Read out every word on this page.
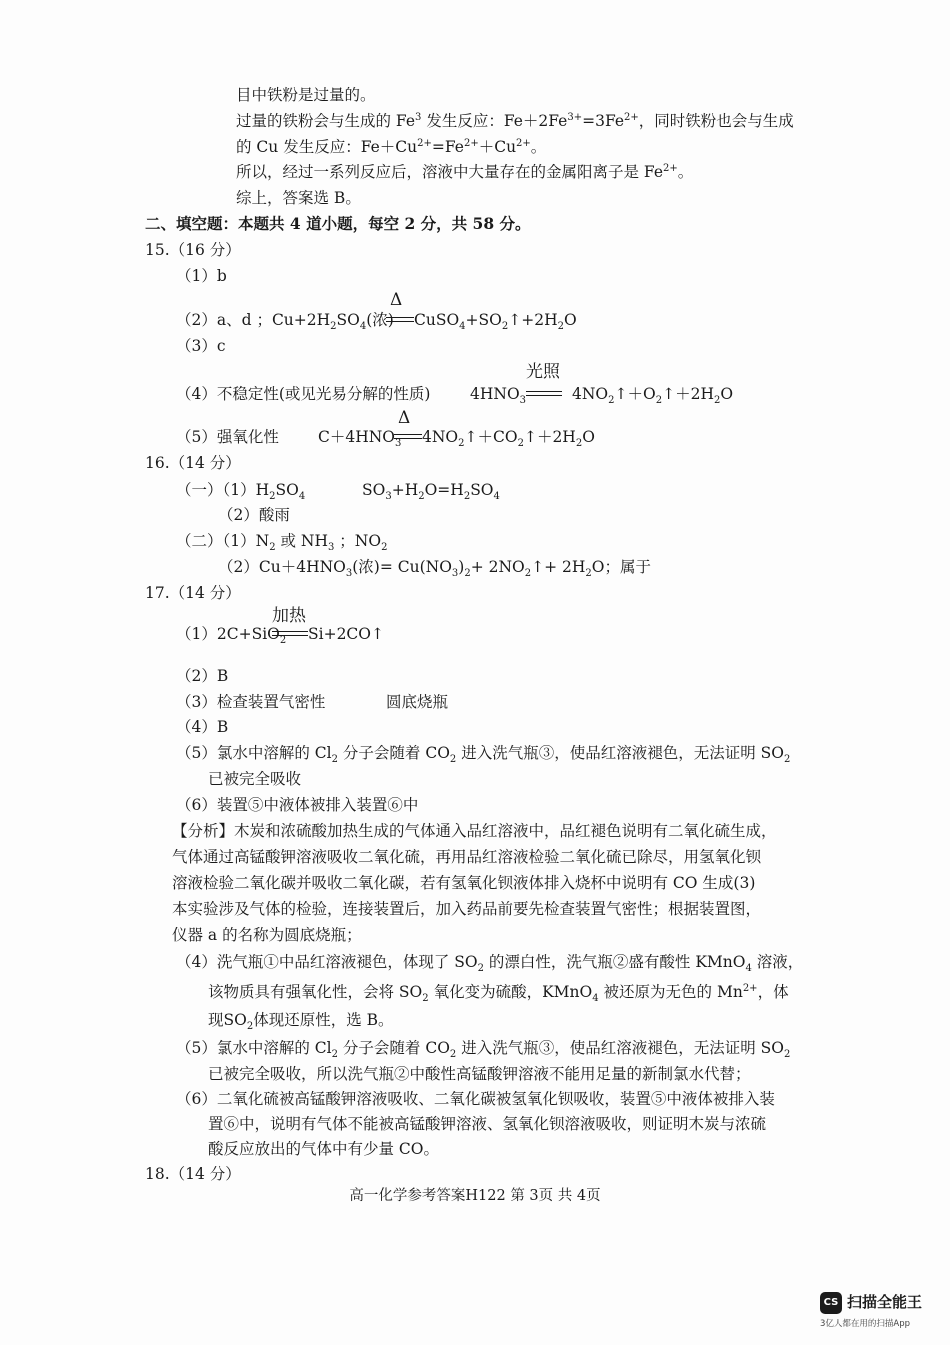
目中铁粉是过量的。
过量的铁粉会与生成的 Fe$^3$ 发生反应：$Fe+2Fe^{3+}=3Fe^{2+}$，同时铁粉也会与生成
的 Cu 发生反应：$Fe+Cu^{2+}=Fe^{2+}+Cu^{2+}$。
所以，经过一系列反应后，溶液中大量存在的金属阳离子是 $Fe^{2+}$。
综上，答案选 B。
二、填空题：本题共 4 道小题，每空 2 分，共 58 分。
15.（16 分）
（1）b
（2）a、d ；$Cu+2H_2SO_4$(浓)
Δ
$CuSO_4+SO_2↑+2H_2O$
（3）c
（4）不稳定性(或见光易分解的性质)	$4HNO_3$
光照
$4NO_2↑+O_2↑+2H_2O$
（5）强氧化性	$C+4HNO_3$
Δ
$4NO_2↑+CO_2↑+2H_2O$
16.（14 分）
（一）$(1)H_2SO_4$	$SO_3+H_2O=H_2SO_4$
（2）酸雨
（二）$(1)N_2$ 或 $NH_3$ ；$NO_2$
$(2)Cu+4HNO_3$(浓)= $Cu(NO_3)_2+$ $2NO_2↑+ 2H_2O$；属于
17.（14 分）
（1）2C+SiO$_2$
加热
Si+2CO↑
（2）B
（3）检查装置气密性	圆底烧瓶
（4）B
（5）氯水中溶解的 $Cl_2$ 分子会随着 $CO_2$ 进入洗气瓶③，使品红溶液褪色，无法证明 $SO_2$
已被完全吸收
（6）装置⑤中液体被排入装置⑥中
【分析】木炭和浓硫酸加热生成的气体通入品红溶液中，品红褪色说明有二氧化硫生成，
气体通过高锰酸钾溶液吸收二氧化硫，再用品红溶液检验二氧化硫已除尽，用氢氧化钡
溶液检验二氧化碳并吸收二氧化碳，若有氢氧化钡液体排入烧杯中说明有 CO 生成(3)
本实验涉及气体的检验，连接装置后，加入药品前要先检查装置气密性；根据装置图，
仪器 a 的名称为圆底烧瓶；
（4）洗气瓶①中品红溶液褪色，体现了 $SO_2$ 的漂白性，洗气瓶②盛有酸性 KMnO$_4$ 溶液，
该物质具有强氧化性，会将 $SO_2$ 氧化变为硫酸，KMnO$_4$ 被还原为无色的 $Mn^{2+}$，体
现$SO_2$体现还原性，选 B。
（5）氯水中溶解的 $Cl_2$ 分子会随着 $CO_2$ 进入洗气瓶③，使品红溶液褪色，无法证明 $SO_2$
已被完全吸收，所以洗气瓶②中酸性高锰酸钾溶液不能用足量的新制氯水代替；
（6）二氧化硫被高锰酸钾溶液吸收、二氧化碳被氢氧化钡吸收，装置⑤中液体被排入装
置⑥中，说明有气体不能被高锰酸钾溶液、氢氧化钡溶液吸收，则证明木炭与浓硫
酸反应放出的气体中有少量 CO。
18.（14 分）
高一化学参考答案H122 第 3页 共 4页
CS 扫描全能王
3亿人都在用的扫描App
